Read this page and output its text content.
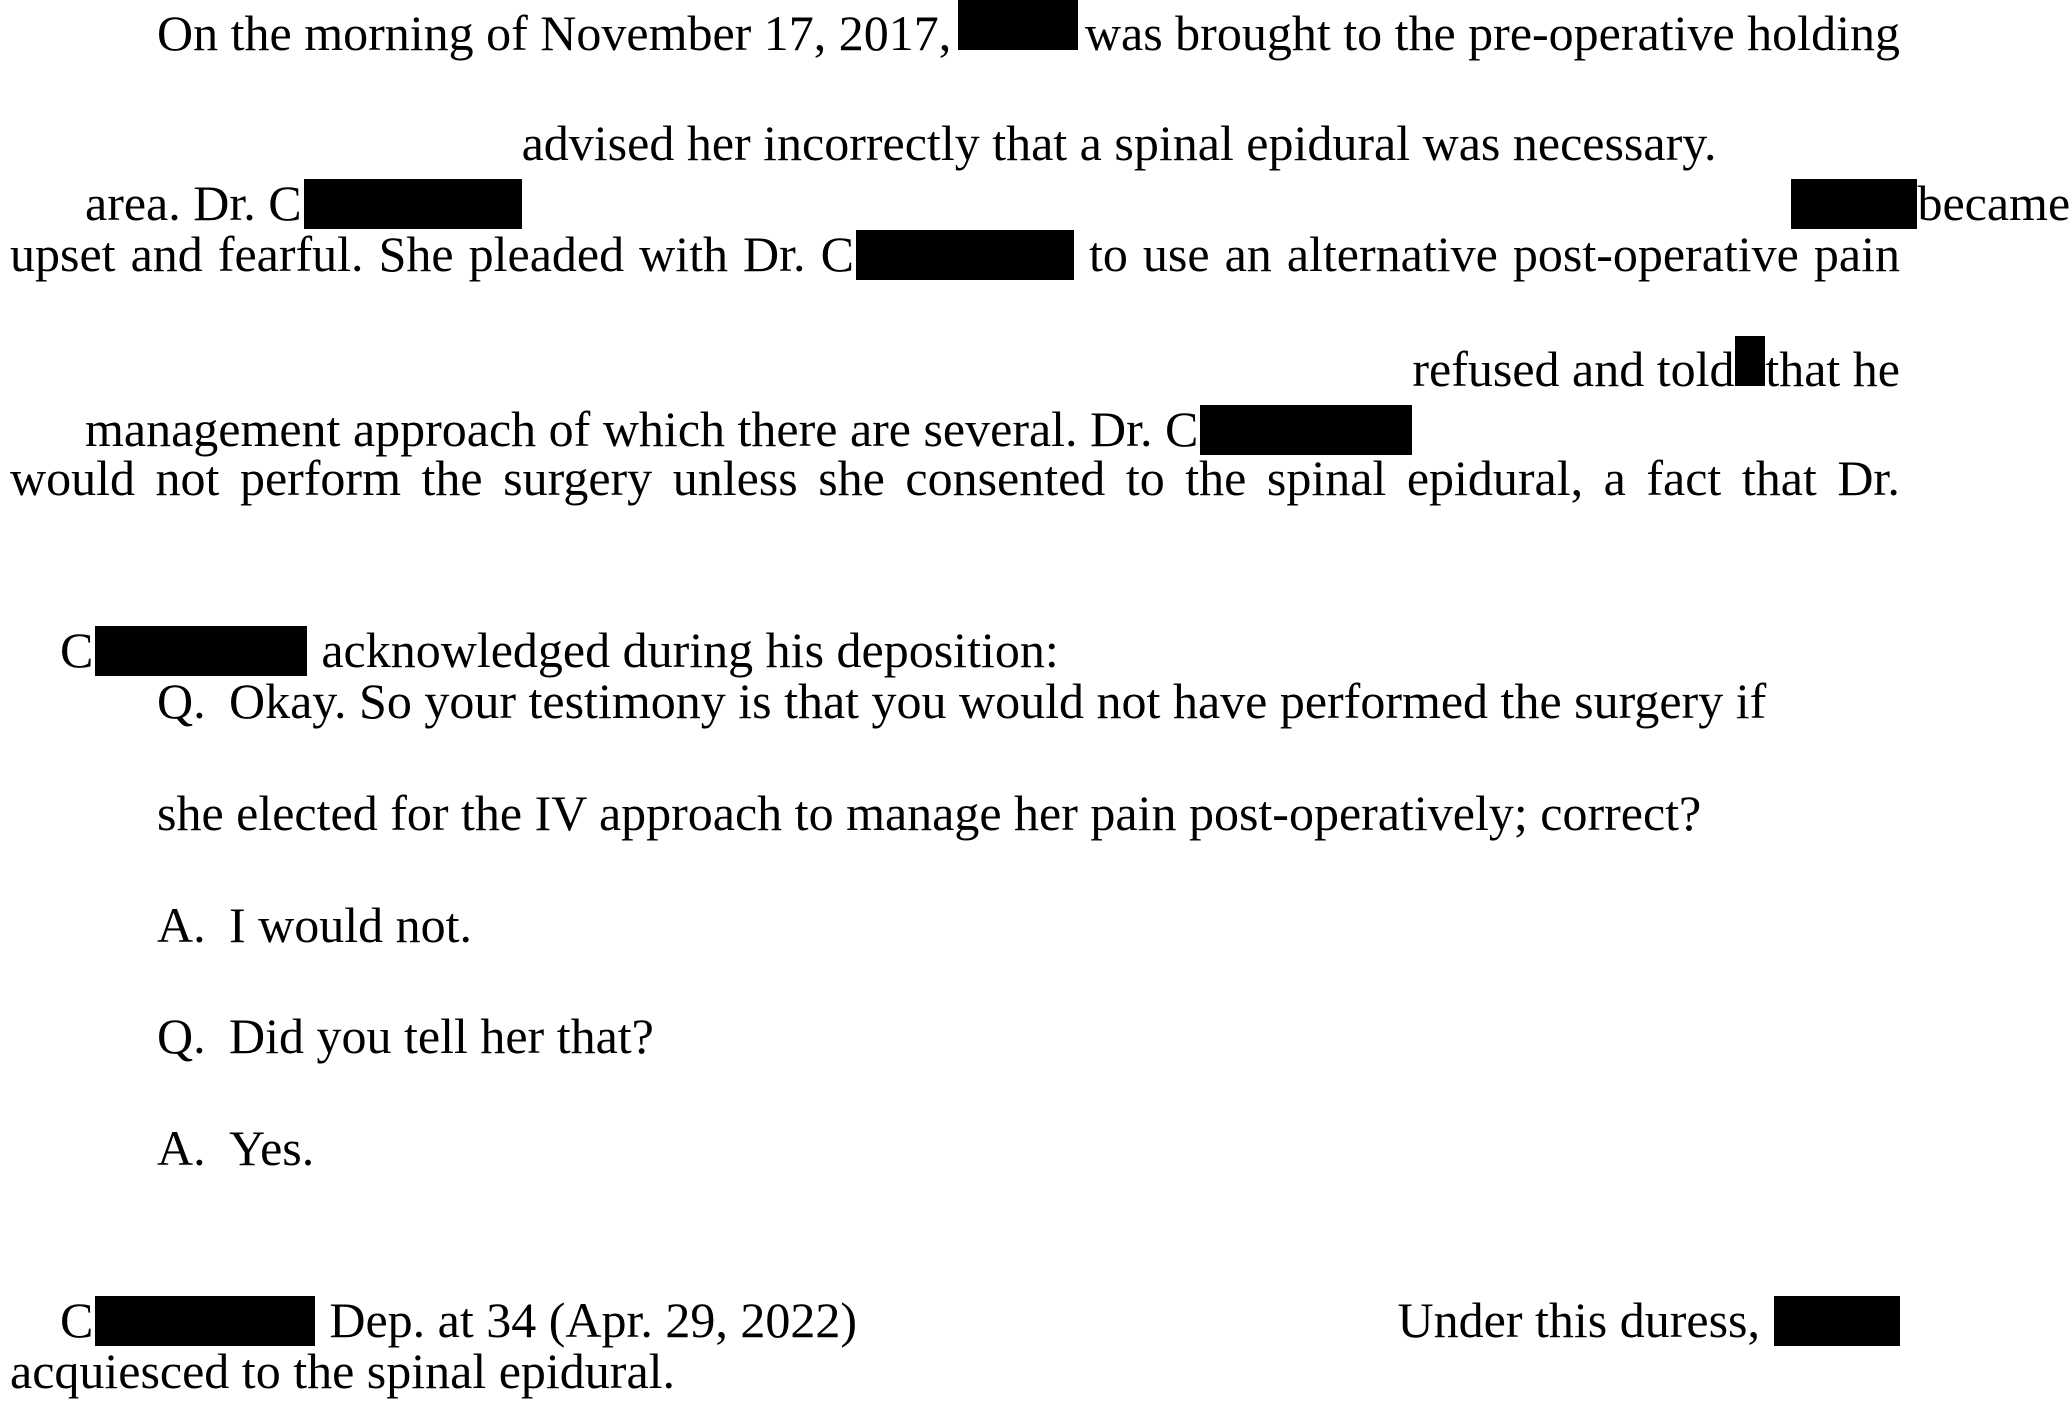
On the morning of November 17, 2017,	was brought to the pre-operative holding

area. Dr. C

advised her incorrectly that a spinal epidural was necessary.

became

upset and fearful. She pleaded with Dr. C	to use an alternative post-operative pain

management approach of which there are several. Dr. C

refused and told that he
would not perform the surgery unless she consented to the spinal epidural, a fact that Dr.

C	acknowledged during his deposition:

Q. Okay. So your testimony is that you would not have performed the surgery if
she elected for the IV approach to manage her pain post-operatively; correct?
A. I would not.
Q. Did you tell her that?
A. Yes.

C	Dep. at 34 (Apr. 29, 2022)
	Under this duress,

acquiesced to the spinal epidural.
